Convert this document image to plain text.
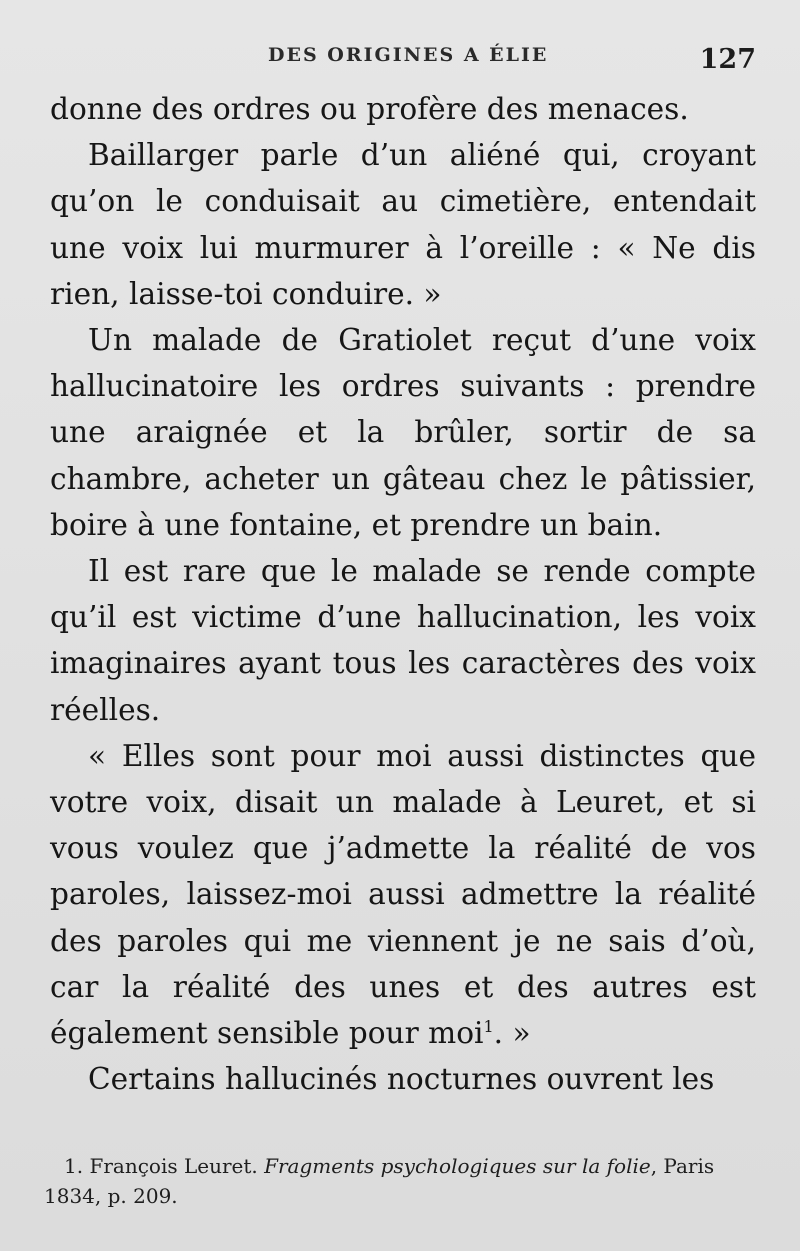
DES ORIGINES A ÉLIE	127

donne des ordres ou profère des menaces.

Baillarger parle d’un aliéné qui, croyant qu’on le conduisait au cimetière, entendait une voix lui murmurer à l’oreille : « Ne dis rien, laisse-toi conduire. »

Un malade de Gratiolet reçut d’une voix hallucinatoire les ordres suivants : prendre une araignée et la brûler, sortir de sa chambre, acheter un gâteau chez le pâtissier, boire à une fontaine, et prendre un bain.

Il est rare que le malade se rende compte qu’il est victime d’une hallucination, les voix imaginaires ayant tous les caractères des voix réelles.

« Elles sont pour moi aussi distinctes que votre voix, disait un malade à Leuret, et si vous voulez que j’admette la réalité de vos paroles, laissez-moi aussi admettre la réalité des paroles qui me viennent je ne sais d’où, car la réalité des unes et des autres est également sensible pour moi$^1$. »

Certains hallucinés nocturnes ouvrent les

1. François Leuret. Fragments psychologiques sur la folie, Paris 1834, p. 209.
